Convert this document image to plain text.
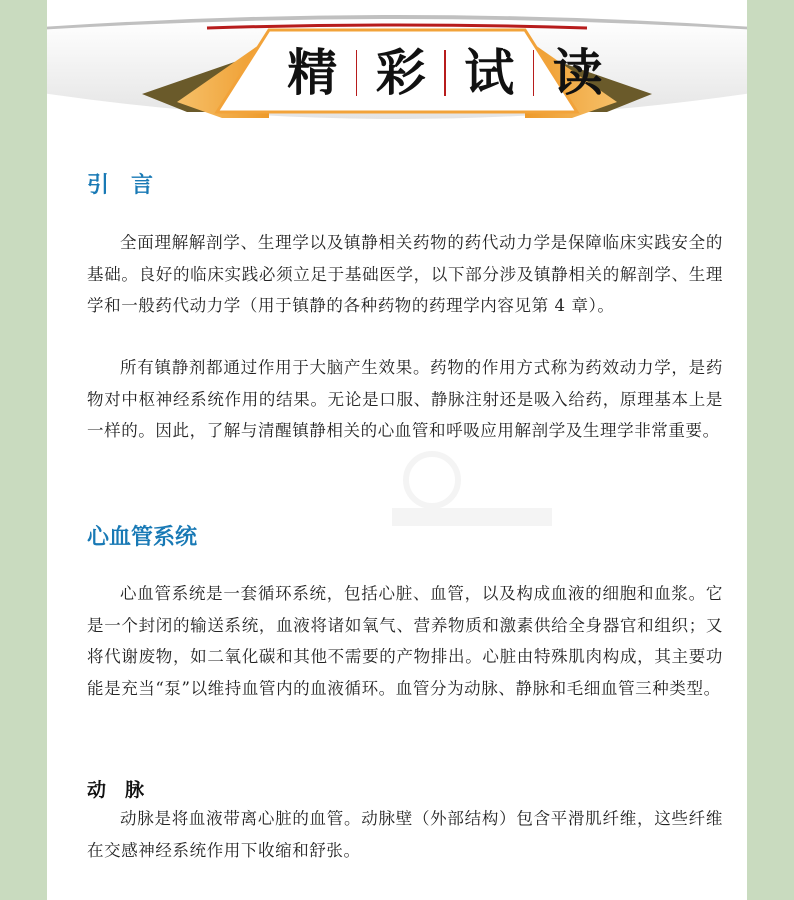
精 彩 试 读
引　言

全面理解解剖学、生理学以及镇静相关药物的药代动力学是保障临床实践安全的基础。良好的临床实践必须立足于基础医学，以下部分涉及镇静相关的解剖学、生理学和一般药代动力学（用于镇静的各种药物的药理学内容见第 4 章）。

所有镇静剂都通过作用于大脑产生效果。药物的作用方式称为药效动力学，是药物对中枢神经系统作用的结果。无论是口服、静脉注射还是吸入给药，原理基本上是一样的。因此，了解与清醒镇静相关的心血管和呼吸应用解剖学及生理学非常重要。

心血管系统

心血管系统是一套循环系统，包括心脏、血管，以及构成血液的细胞和血浆。它是一个封闭的输送系统，血液将诸如氧气、营养物质和激素供给全身器官和组织；又将代谢废物，如二氧化碳和其他不需要的产物排出。心脏由特殊肌肉构成，其主要功能是充当“泵”以维持血管内的血液循环。血管分为动脉、静脉和毛细血管三种类型。

动　脉

动脉是将血液带离心脏的血管。动脉壁（外部结构）包含平滑肌纤维，这些纤维在交感神经系统作用下收缩和舒张。
